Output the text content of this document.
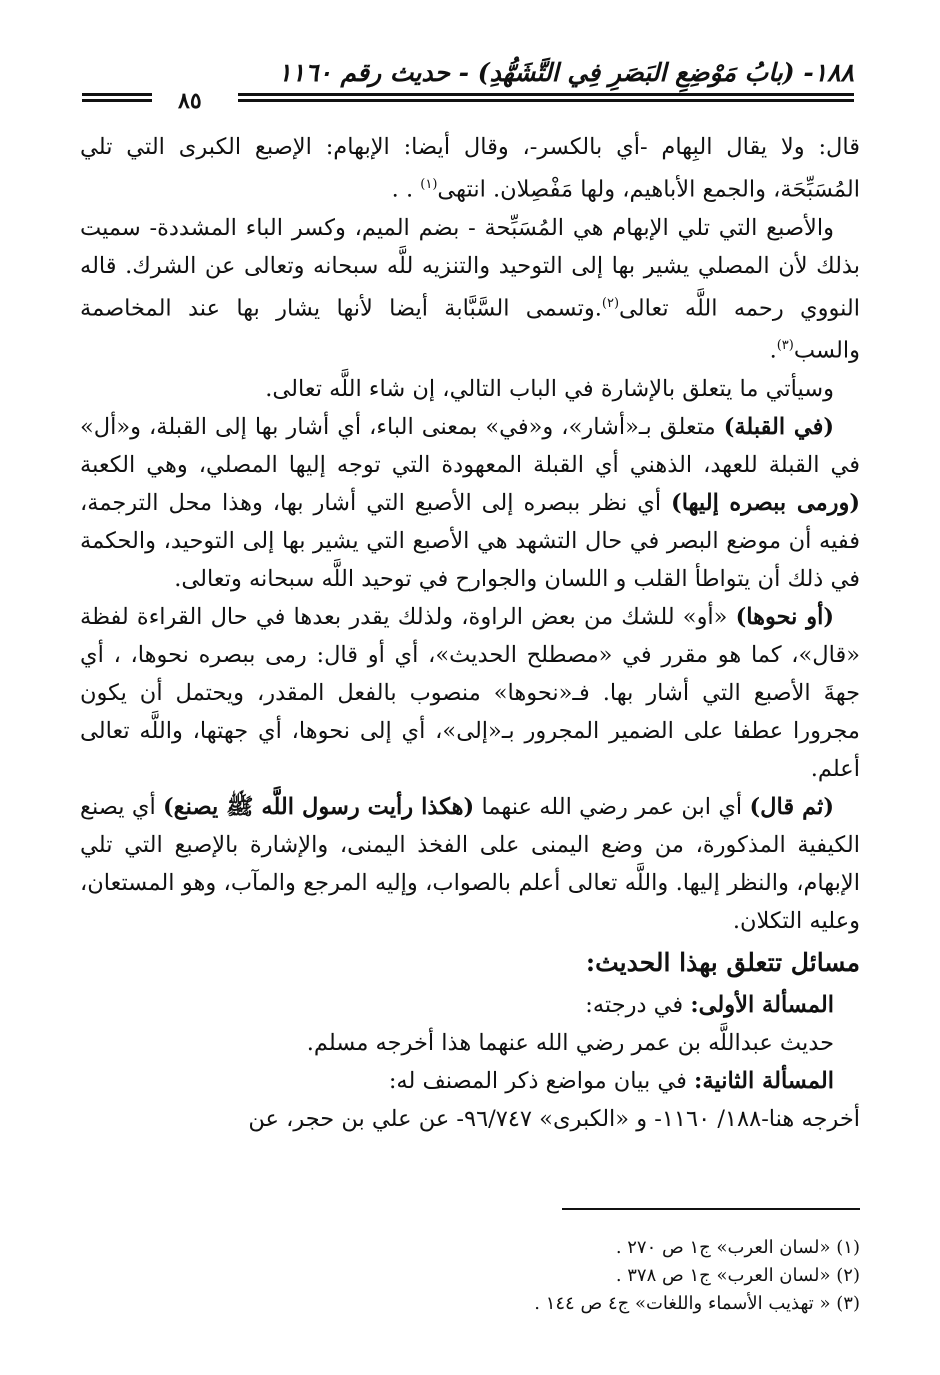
١٨٨- (بابُ مَوْضِعِ البَصَرِ فِي التَّشَهُّدِ) - حديث رقم ١١٦٠
٨٥

قال: ولا يقال البِهام -أي بالكسر-، وقال أيضا: الإبهام: الإصبع الكبرى التي تلي المُسَبِّحَة، والجمع الأباهيم، ولها مَفْصِلان. انتهى$^{(١)}$ . .

والأصبع التي تلي الإبهام هي المُسَبِّحة - بضم الميم، وكسر الباء المشددة- سميت بذلك لأن المصلي يشير بها إلى التوحيد والتنزيه للَّه سبحانه وتعالى عن الشرك. قاله النووي رحمه اللَّه تعالى$^{(٢)}$.وتسمى السَّبَّابة أيضا لأنها يشار بها عند المخاصمة والسب$^{(٣)}$.

وسيأتي ما يتعلق بالإشارة في الباب التالي، إن شاء اللَّه تعالى.

(في القبلة) متعلق بـ«أشار»، و«في» بمعنى الباء، أي أشار بها إلى القبلة، و«أل» في القبلة للعهد، الذهني أي القبلة المعهودة التي توجه إليها المصلي، وهي الكعبة (ورمى ببصره إليها) أي نظر ببصره إلى الأصبع التي أشار بها، وهذا محل الترجمة، ففيه أن موضع البصر في حال التشهد هي الأصبع التي يشير بها إلى التوحيد، والحكمة في ذلك أن يتواطأ القلب و اللسان والجوارح في توحيد اللَّه سبحانه وتعالى.

(أو نحوها) «أو» للشك من بعض الراوة، ولذلك يقدر بعدها في حال القراءة لفظة «قال»، كما هو مقرر في «مصطلح الحديث»، أي أو قال: رمى ببصره نحوها، ، أي جهةَ الأصبع التي أشار بها. فـ«نحوها» منصوب بالفعل المقدر، ويحتمل أن يكون مجرورا عطفا على الضمير المجرور بـ«إلى»، أي إلى نحوها، أي جهتها، واللَّه تعالى أعلم.

(ثم قال) أي ابن عمر رضي الله عنهما (هكذا رأيت رسول اللَّه ﷺ يصنع) أي يصنع الكيفية المذكورة، من وضع اليمنى على الفخذ اليمنى، والإشارة بالإصبع التي تلي الإبهام، والنظر إليها. واللَّه تعالى أعلم بالصواب، وإليه المرجع والمآب، وهو المستعان، وعليه التكلان.

مسائل تتعلق بهذا الحديث:

المسألة الأولى: في درجته:

حديث عبداللَّه بن عمر رضي الله عنهما هذا أخرجه مسلم.

المسألة الثانية: في بيان مواضع ذكر المصنف له:

أخرجه هنا-١٨٨/ ١١٦٠- و «الكبرى» ٩٦/٧٤٧- عن علي بن حجر، عن

(١) «لسان العرب» ج١ ص ٢٧٠ .

(٢) «لسان العرب» ج١ ص ٣٧٨ .

(٣) « تهذيب الأسماء واللغات» ج٤ ص ١٤٤ .
